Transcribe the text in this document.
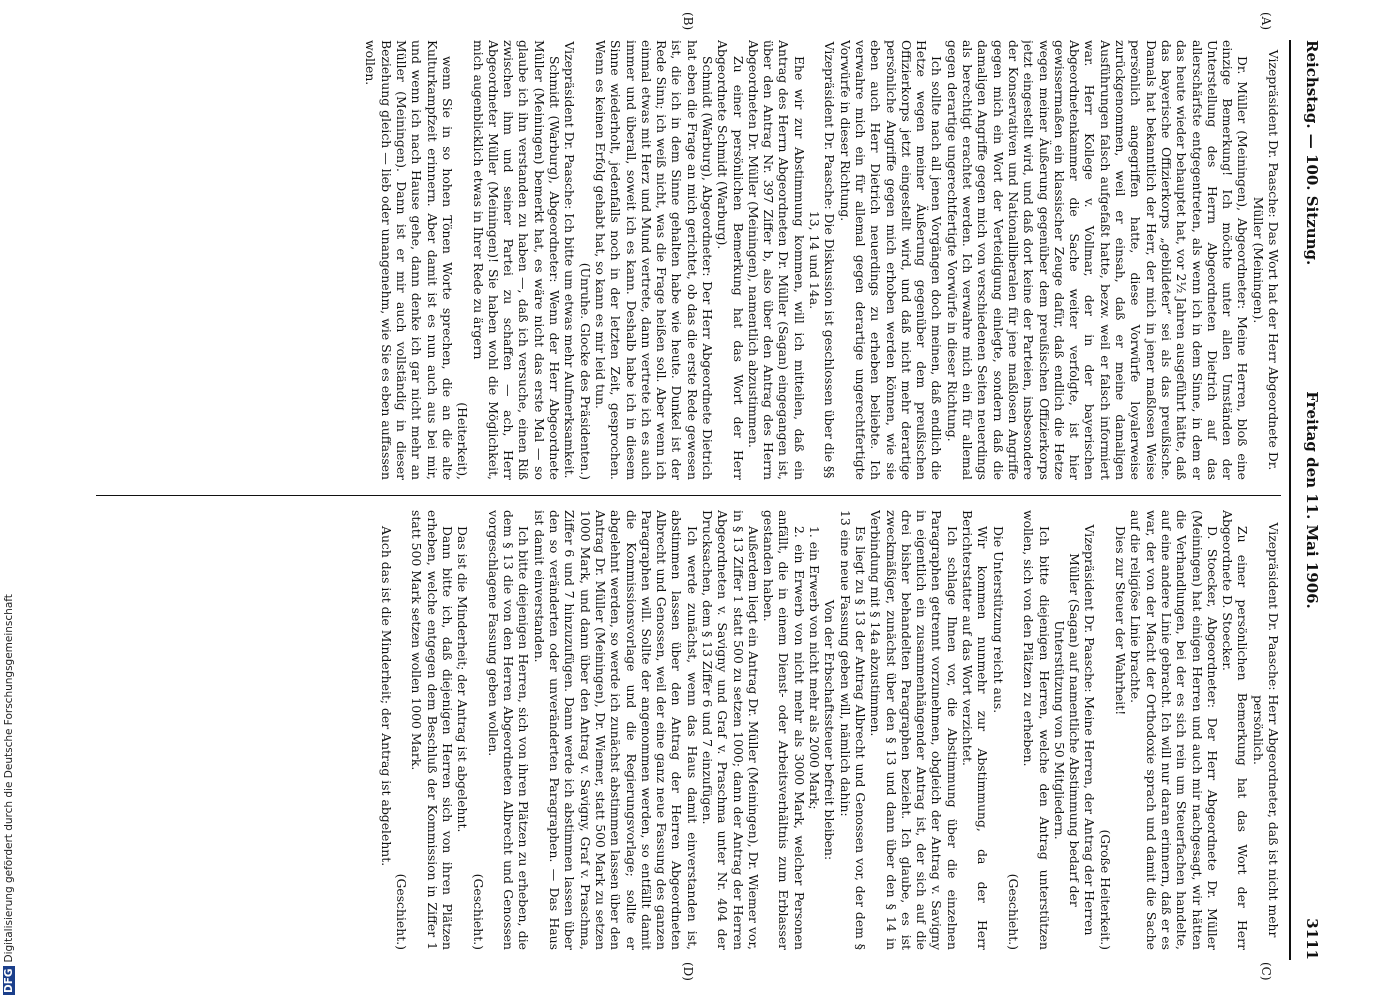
Reichstag. — 100. Sitzung.
Freitag den 11. Mai 1906.
3111
(A)
(B)
(C)
(D)

Vizepräsident Dr. Paasche: Das Wort hat der Herr Abgeordnete Dr. Müller (Meiningen).

Dr. Müller (Meiningen), Abgeordneter: Meine Herren, bloß eine einzige Bemerkung! Ich möchte unter allen Umständen der Unterstellung des Herrn Abgeordneten Dietrich auf das allerschärfste entgegentreten, als wenn ich in dem Sinne, in dem er das heute wieder behauptet hat, vor 2½ Jahren ausgeführt hätte, daß das bayerische Offizierkorps „gebildeter“ sei als das preußische. Damals hat bekanntlich der Herr, der mich in jener maßlosen Weise persönlich angegriffen hatte, diese Vorwürfe loyalerweise zurückgenommen, weil er einsah, daß er meine damaligen Ausführungen falsch aufgefaßt hatte, bezw. weil er falsch informiert war. Herr Kollege v. Vollmar, der in der bayerischen Abgeordnetenkammer die Sache weiter verfolgte, ist hier gewissermaßen ein klassischer Zeuge dafür, daß endlich die Hetze wegen meiner Äußerung gegenüber dem preußischen Offizierkorps jetzt eingestellt wird, und daß dort keine der Parteien, insbesondere der Konservativen und Nationalliberalen für jene maßlosen Angriffe gegen mich ein Wort der Verteidigung einlegte, sondern daß die damaligen Angriffe gegen mich von verschiedenen Seiten neuerdings als berechtigt erachtet werden. Ich verwahre mich ein für allemal gegen derartige ungerechtfertigte Vorwürfe in dieser Richtung.

Ich sollte nach all jenen Vorgängen doch meinen, daß endlich die Hetze wegen meiner Äußerung gegenüber dem preußischen Offizierkorps jetzt eingestellt wird, und daß nicht mehr derartige persönliche Angriffe gegen mich erhoben werden können, wie sie eben auch Herr Dietrich neuerdings zu erheben beliebte. Ich verwahre mich ein für allemal gegen derartige ungerechtfertigte Vorwürfe in dieser Richtung.

Vizepräsident Dr. Paasche: Die Diskussion ist geschlossen über die §§ 13, 14 und 14a.

Ehe wir zur Abstimmung kommen, will ich mitteilen, daß ein Antrag des Herrn Abgeordneten Dr. Müller (Sagan) eingegangen ist, über den Antrag Nr. 397 Ziffer b, also über den Antrag des Herrn Abgeordneten Dr. Müller (Meiningen), namentlich abzustimmen.

Zu einer persönlichen Bemerkung hat das Wort der Herr Abgeordnete Schmidt (Warburg).

Schmidt (Warburg), Abgeordneter: Der Herr Abgeordnete Dietrich hat eben die Frage an mich gerichtet, ob das die erste Rede gewesen ist, die ich in dem Sinne gehalten habe wie heute. Dunkel ist der Rede Sinn; ich weiß nicht, was die Frage heißen soll. Aber wenn ich einmal etwas mit Herz und Mund vertrete, dann vertrete ich es auch immer und überall, soweit ich es kann. Deshalb habe ich in diesem Sinne wiederholt, jedenfalls noch in der letzten Zeit, gesprochen. Wenn es keinen Erfolg gehabt hat, so kann es mir leid tun.

(Unruhe. Glocke des Präsidenten.)

Vizepräsident Dr. Paasche: Ich bitte um etwas mehr Aufmerksamkeit.

Schmidt (Warburg), Abgeordneter: Wenn der Herr Abgeordnete Müller (Meiningen) bemerkt hat, es wäre nicht das erste Mal — so glaube ich ihn verstanden zu haben —, daß ich versuche, einen Riß zwischen ihm und seiner Partei zu schaffen — ach, Herr Abgeordneter Müller (Meiningen)! Sie haben wohl die Möglichkeit, mich augenblicklich etwas in Ihrer Rede zu ärgern

(Heiterkeit),

wenn Sie in so hohen Tönen Worte sprechen, die an die alte Kulturkampfzeit erinnern. Aber damit ist es nun auch aus bei mir, und wenn ich nach Hause gehe, dann denke ich gar nicht mehr an Müller (Meiningen). Dann ist er mir auch vollständig in dieser Beziehung gleich — lieb oder unangenehm, wie Sie es eben auffassen wollen.

Vizepräsident Dr. Paasche: Herr Abgeordneter, daß ist nicht mehr persönlich.

Zu einer persönlichen Bemerkung hat das Wort der Herr Abgeordnete D. Stoecker.

D. Stoecker, Abgeordneter: Der Herr Abgeordnete Dr. Müller (Meiningen) hat einigen Herren und auch mir nachgesagt, wir hätten die Verhandlungen, bei der es sich rein um Steuerfachen handelte, auf eine andere Linie gebracht. Ich will nur daran erinnern, daß er es war, der von der Macht der Orthodoxie sprach und damit die Sache auf die religiöse Linie brachte.

Dies zur Steuer der Wahrheit!

(Große Heiterkeit.)

Vizepräsident Dr. Paasche: Meine Herren, der Antrag der Herren Müller (Sagan) auf namentliche Abstimmung bedarf der Unterstützung von 50 Mitgliedern.

Ich bitte diejenigen Herren, welche den Antrag unterstützen wollen, sich von den Plätzen zu erheben.

(Geschieht.)

Die Unterstützung reicht aus.

Wir kommen nunmehr zur Abstimmung, da der Herr Berichterstatter auf das Wort verzichtet.

Ich schlage Ihnen vor, die Abstimmung über die einzelnen Paragraphen getrennt vorzunehmen, obgleich der Antrag v. Savigny in eigentlich ein zusammenhängender Antrag ist, der sich auf die drei bisher behandelten Paragraphen bezieht. Ich glaube, es ist zweckmäßiger, zunächst über den § 13 und dann über den § 14 in Verbindung mit § 14a abzustimmen.

Es liegt zu § 13 der Antrag Albrecht und Genossen vor, der dem § 13 eine neue Fassung geben will, nämlich dahin:

Von der Erbschaftssteuer befreit bleiben:

1. ein Erwerb von nicht mehr als 2000 Mark;

2. ein Erwerb von nicht mehr als 3000 Mark, welcher Personen anfällt, die in einem Dienst- oder Arbeitsverhältnis zum Erblasser gestanden haben.

Außerdem liegt ein Antrag Dr. Müller (Meiningen), Dr. Wiemer vor, in § 13 Ziffer 1 statt 500 zu setzen 1000; dann der Antrag der Herren Abgeordneten v. Savigny und Graf v. Praschma unter Nr. 404 der Drucksachen, dem § 13 Ziffer 6 und 7 einzufügen.

Ich werde zunächst, wenn das Haus damit einverstanden ist, abstimmen lassen über den Antrag der Herren Abgeordneten Albrecht und Genossen, weil der eine ganz neue Fassung des ganzen Paragraphen will. Sollte der angenommen werden, so entfällt damit die Kommissionsvorlage und die Regierungsvorlage; sollte er abgelehnt werden, so werde ich zunächst abstimmen lassen über den Antrag Dr. Müller (Meiningen), Dr. Wiemer, statt 500 Mark zu setzen 1000 Mark, und dann über den Antrag v. Savigny, Graf v. Praschma, Ziffer 6 und 7 hinzuzufügen. Dann werde ich abstimmen lassen über den so veränderten oder unveränderten Paragraphen. — Das Haus ist damit einverstanden.

Ich bitte diejenigen Herren, sich von ihren Plätzen zu erheben, die dem § 13 die von den Herren Abgeordneten Albrecht und Genossen vorgeschlagene Fassung geben wollen.

(Geschieht.)

Das ist die Minderheit; der Antrag ist abgelehnt.

Dann bitte ich, daß diejenigen Herren sich von ihren Plätzen erheben, welche entgegen dem Beschluß der Kommission in Ziffer 1 statt 500 Mark setzen wollen 1000 Mark.

(Geschieht.)

Auch das ist die Minderheit; der Antrag ist abgelehnt.

DFGDigitalisierung gefördert durch die Deutsche Forschungsgemeinschaft
